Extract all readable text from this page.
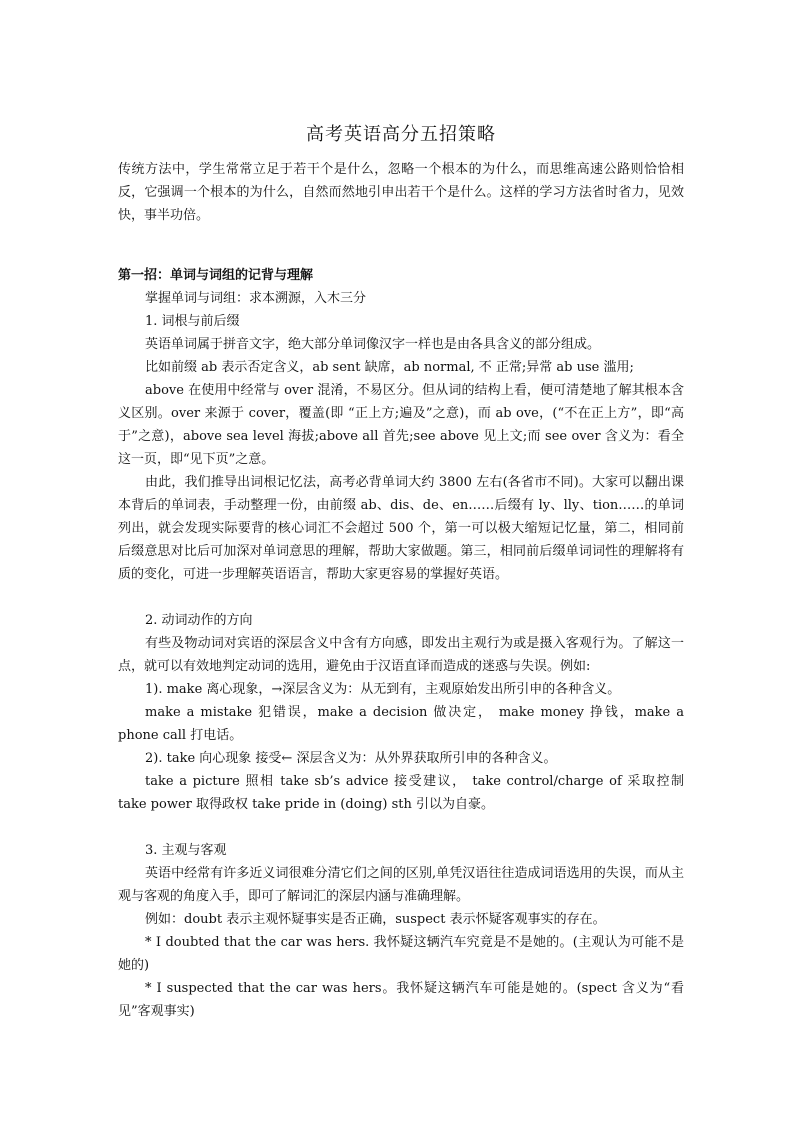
高考英语高分五招策略

传统方法中，学生常常立足于若干个是什么，忽略一个根本的为什么，而思维高速公路则恰恰相反，它强调一个根本的为什么，自然而然地引申出若干个是什么。这样的学习方法省时省力，见效快，事半功倍。

第一招：单词与词组的记背与理解

掌握单词与词组：求本溯源，入木三分

1. 词根与前后缀

英语单词属于拼音文字，绝大部分单词像汉字一样也是由各具含义的部分组成。

比如前缀 ab 表示否定含义，ab sent 缺席，ab normal, 不 正常;异常 ab use 滥用;

above 在使用中经常与 over 混淆，不易区分。但从词的结构上看，便可清楚地了解其根本含义区别。over 来源于 cover，覆盖(即 “正上方;遍及”之意)，而 ab ove，(“不在正上方”，即“高于”之意)，above sea level 海拔;above all 首先;see above 见上文;而 see over 含义为：看全这一页，即“见下页”之意。

由此，我们推导出词根记忆法，高考必背单词大约 3800 左右(各省市不同)。大家可以翻出课本背后的单词表，手动整理一份，由前缀 ab、dis、de、en……后缀有 ly、lly、tion……的单词列出，就会发现实际要背的核心词汇不会超过 500 个，第一可以极大缩短记忆量，第二，相同前后缀意思对比后可加深对单词意思的理解，帮助大家做题。第三，相同前后缀单词词性的理解将有质的变化，可进一步理解英语语言，帮助大家更容易的掌握好英语。

2. 动词动作的方向

有些及物动词对宾语的深层含义中含有方向感，即发出主观行为或是摄入客观行为。了解这一点，就可以有效地判定动词的选用，避免由于汉语直译而造成的迷惑与失误。例如:

1). make 离心现象，→深层含义为：从无到有，主观原始发出所引申的各种含义。

make a mistake 犯错误，make a decision 做决定， make money 挣钱，make a phone call 打电话。

2). take 向心现象 接受← 深层含义为：从外界获取所引申的各种含义。

take a picture 照相 take sb’s advice 接受建议， take control/charge of 采取控制 take power 取得政权 take pride in (doing) sth 引以为自豪。

3. 主观与客观

英语中经常有许多近义词很难分清它们之间的区别,单凭汉语往往造成词语选用的失误，而从主观与客观的角度入手，即可了解词汇的深层内涵与准确理解。

例如：doubt 表示主观怀疑事实是否正确，suspect 表示怀疑客观事实的存在。

* I doubted that the car was hers. 我怀疑这辆汽车究竟是不是她的。(主观认为可能不是她的)

* I suspected that the car was hers。我怀疑这辆汽车可能是她的。(spect 含义为“看见”客观事实)
